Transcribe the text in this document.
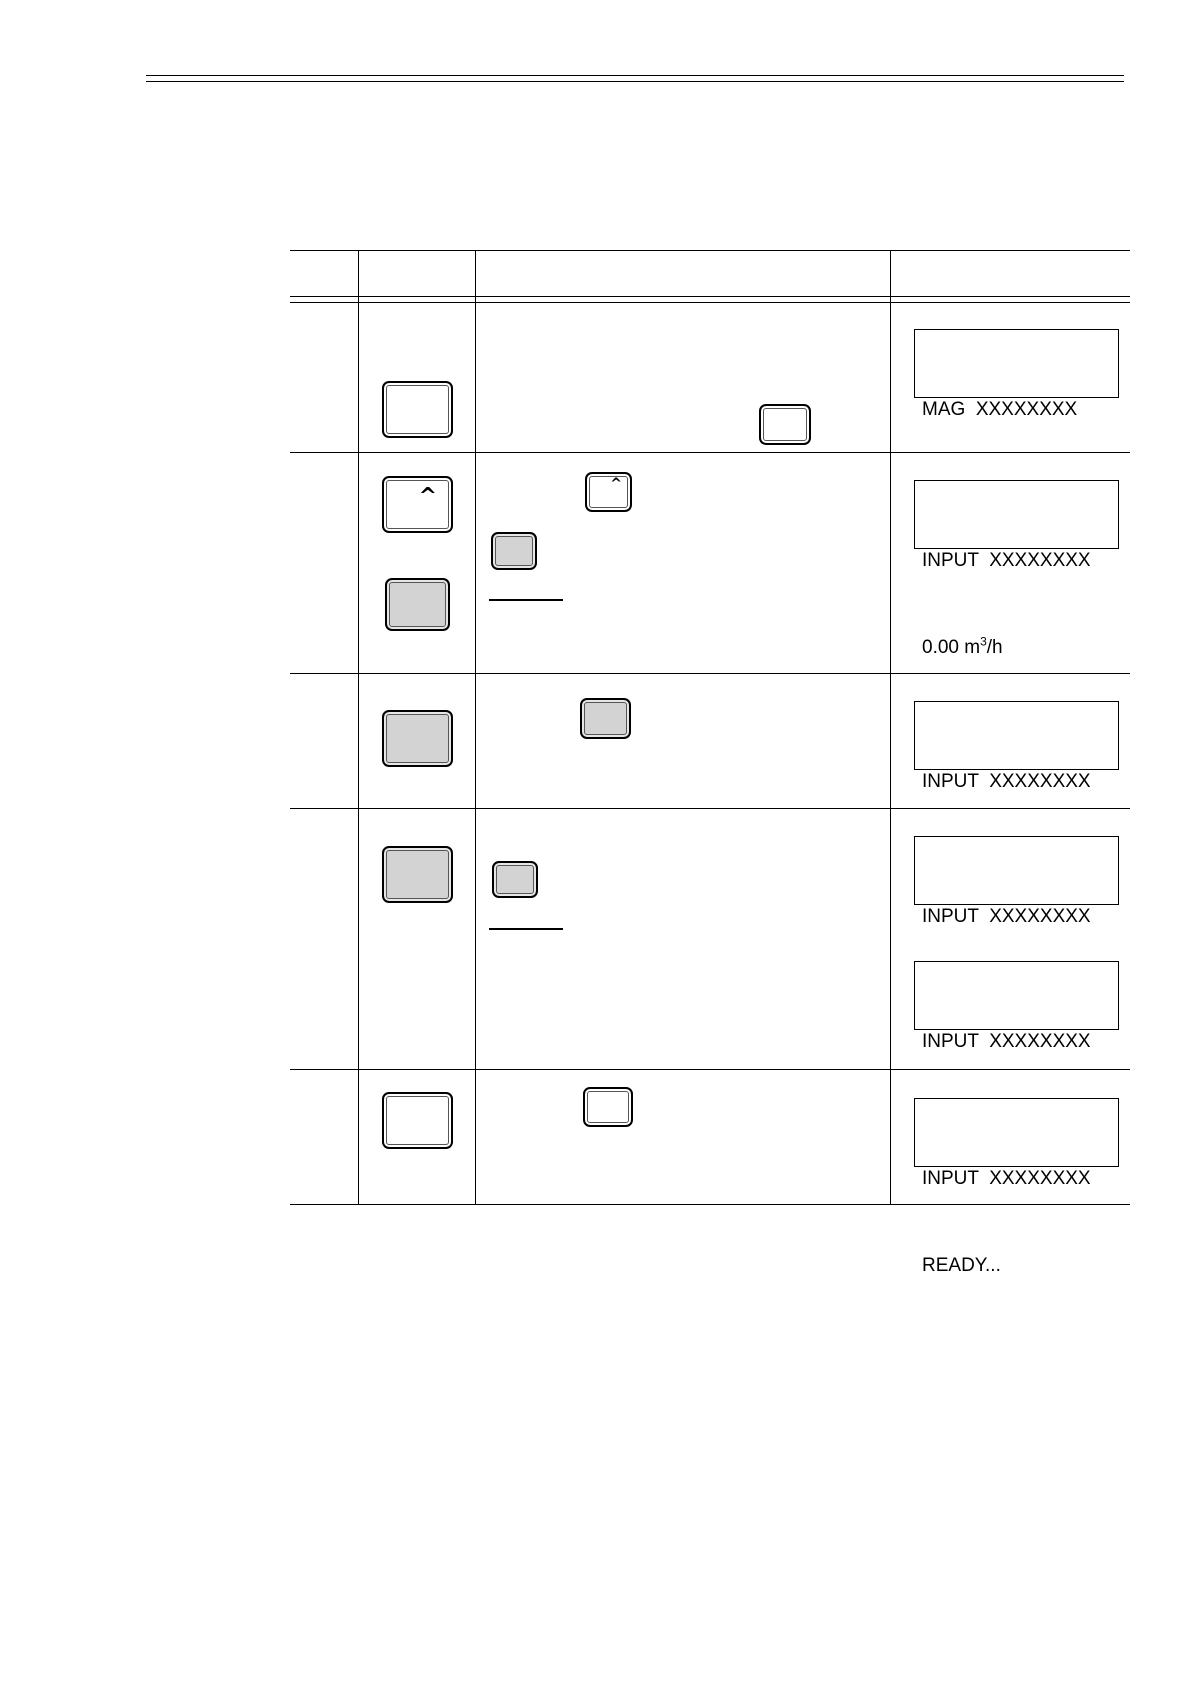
MAG  XXXXXXXX

^	^

INPUT  XXXXXXXX

0.00 $m^3/h$

INPUT  XXXXXXXX

INPUT  XXXXXXXX

INPUT  XXXXXXXX

INPUT  XXXXXXXX

READY...
